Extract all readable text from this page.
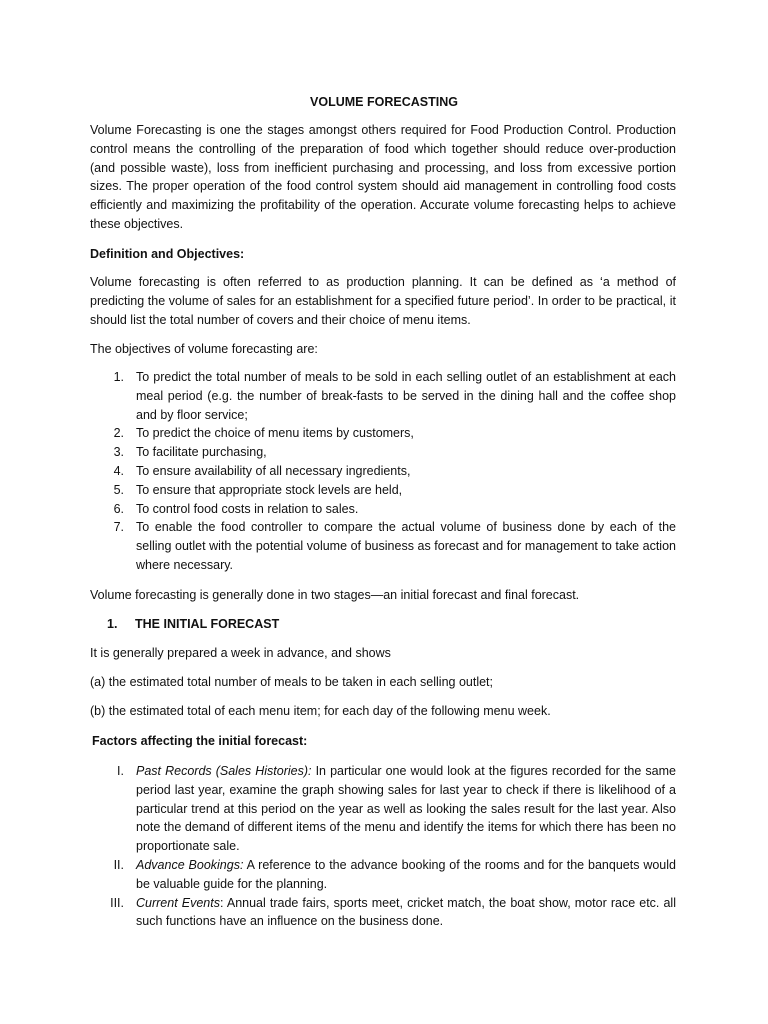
VOLUME FORECASTING

Volume Forecasting is one the stages amongst others required for Food Production Control. Production control means the controlling of the preparation of food which together should reduce over-production (and possible waste), loss from inefficient purchasing and processing, and loss from excessive portion sizes. The proper operation of the food control system should aid management in controlling food costs efficiently and maximizing the profitability of the operation. Accurate volume forecasting helps to achieve these objectives.

Definition and Objectives:

Volume forecasting is often referred to as production planning. It can be defined as ‘a method of predicting the volume of sales for an establishment for a specified future period’. In order to be practical, it should list the total number of covers and their choice of menu items.

The objectives of volume forecasting are:

1. To predict the total number of meals to be sold in each selling outlet of an establishment at each meal period (e.g. the number of break-fasts to be served in the dining hall and the coffee shop and by floor service;
2. To predict the choice of menu items by customers,
3. To facilitate purchasing,
4. To ensure availability of all necessary ingredients,
5. To ensure that appropriate stock levels are held,
6. To control food costs in relation to sales.
7. To enable the food controller to compare the actual volume of business done by each of the selling outlet with the potential volume of business as forecast and for management to take action where necessary.

Volume forecasting is generally done in two stages—an initial forecast and final forecast.

1. THE INITIAL FORECAST

It is generally prepared a week in advance, and shows

(a) the estimated total number of meals to be taken in each selling outlet;

(b) the estimated total of each menu item; for each day of the following menu week.

Factors affecting the initial forecast:

I. Past Records (Sales Histories): In particular one would look at the figures recorded for the same period last year, examine the graph showing sales for last year to check if there is likelihood of a particular trend at this period on the year as well as looking the sales result for the last year. Also note the demand of different items of the menu and identify the items for which there has been no proportionate sale.
II. Advance Bookings: A reference to the advance booking of the rooms and for the banquets would be valuable guide for the planning.
III. Current Events: Annual trade fairs, sports meet, cricket match, the boat show, motor race etc. all such functions have an influence on the business done.
